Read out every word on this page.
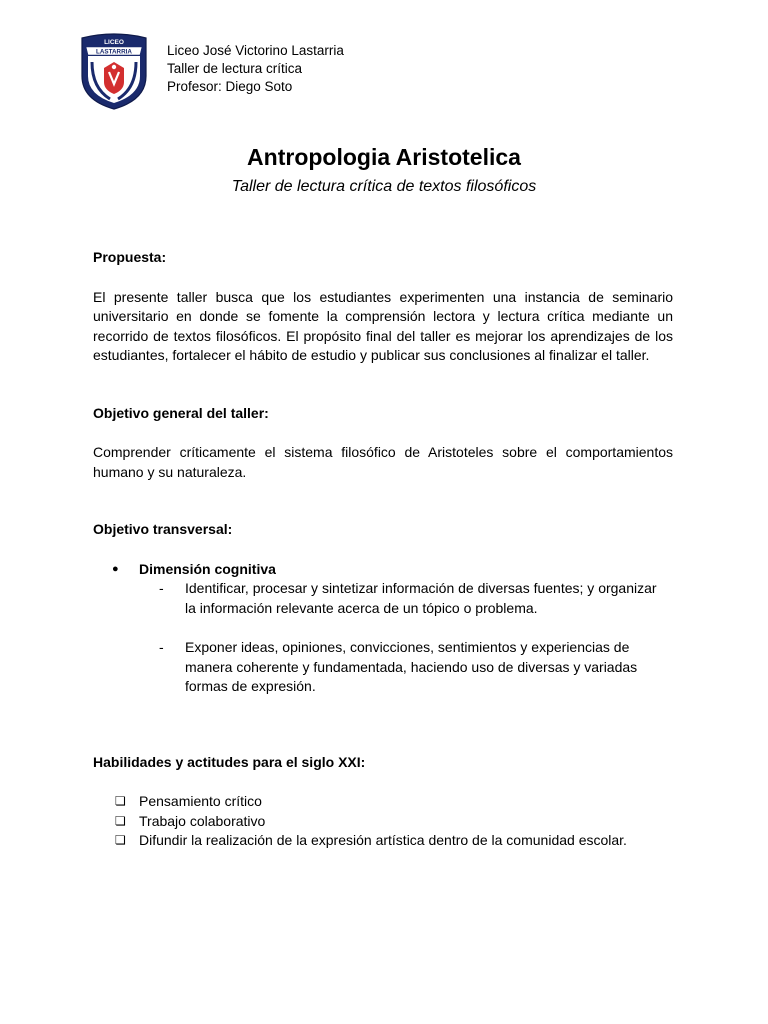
LICEO
LASTARRIA	Liceo José Victorino Lastarria
Taller de lectura crítica
Profesor: Diego Soto
Antropologia Aristotelica
Taller de lectura crítica de textos filosóficos

Propuesta:

El presente taller busca que los estudiantes experimenten una instancia de seminario universitario en donde se fomente la comprensión lectora y lectura crítica mediante un recorrido de textos filosóficos. El propósito final del taller es mejorar los aprendizajes de los estudiantes, fortalecer el hábito de estudio y publicar sus conclusiones al finalizar el taller.

Objetivo general del taller:

Comprender críticamente el sistema filosófico de Aristoteles sobre el comportamientos humano y su naturaleza.

Objetivo transversal:

●	Dimensión cognitiva
-	Identificar, procesar y sintetizar información de diversas fuentes; y organizar la información relevante acerca de un tópico o problema.
-	Exponer ideas, opiniones, convicciones, sentimientos y experiencias de manera coherente y fundamentada, haciendo uso de diversas y variadas formas de expresión.

Habilidades y actitudes para el siglo XXI:

❏ Pensamiento crítico
❏ Trabajo colaborativo
❏ Difundir la realización de la expresión artística dentro de la comunidad escolar.
